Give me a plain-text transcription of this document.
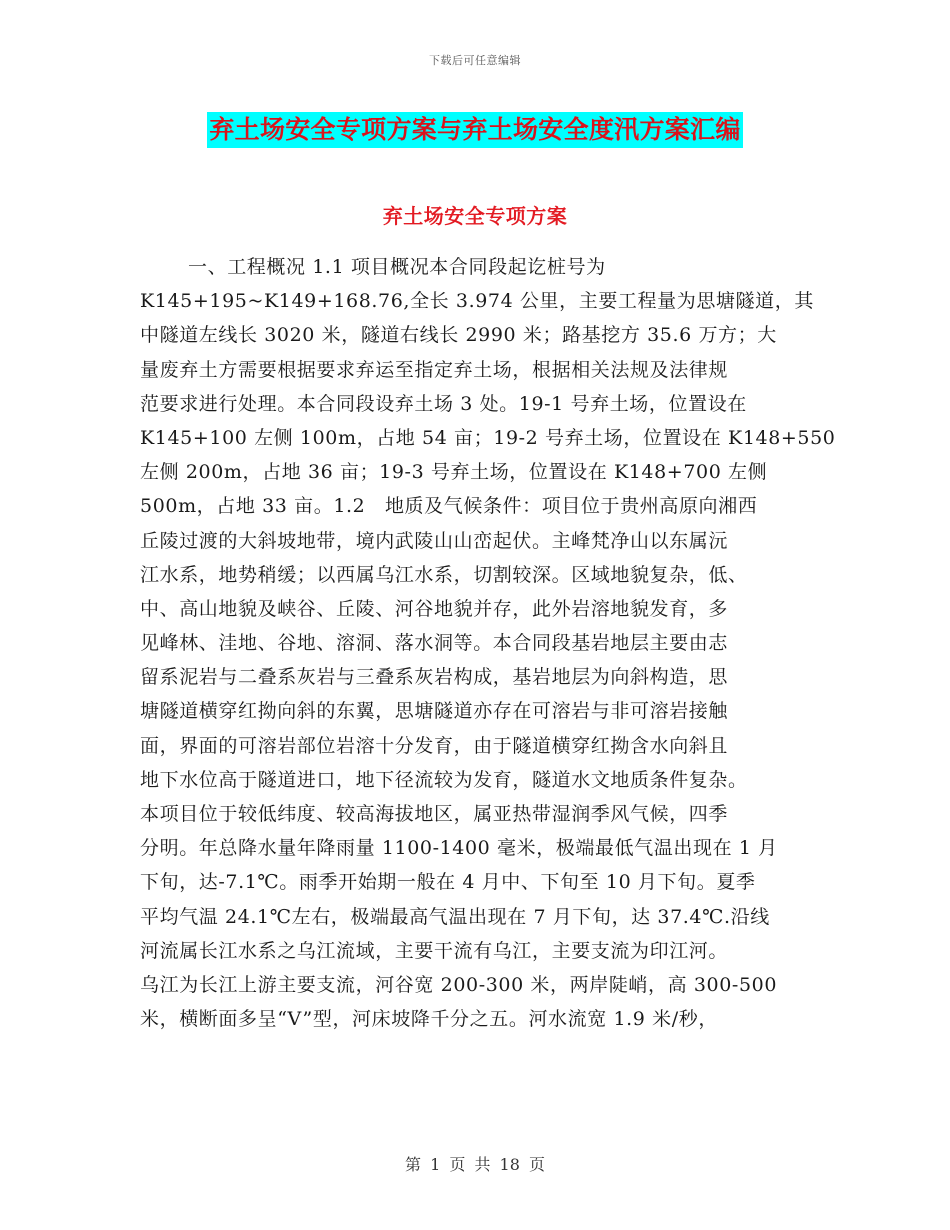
下载后可任意编辑
弃土场安全专项方案与弃土场安全度汛方案汇编
弃土场安全专项方案
一、工程概况 1.1 项目概况本合同段起讫桩号为
K145+195~K149+168.76,全长 3.974 公里，主要工程量为思塘隧道，其
中隧道左线长 3020 米，隧道右线长 2990 米；路基挖方 35.6 万方；大
量废弃土方需要根据要求弃运至指定弃土场，根据相关法规及法律规
范要求进行处理。本合同段设弃土场 3 处。19-1 号弃土场，位置设在
K145+100 左侧 100m，占地 54 亩；19-2 号弃土场，位置设在 K148+550
左侧 200m，占地 36 亩；19-3 号弃土场，位置设在 K148+700 左侧
500m，占地 33 亩。1.2　地质及气候条件：项目位于贵州高原向湘西
丘陵过渡的大斜坡地带，境内武陵山山峦起伏。主峰梵净山以东属沅
江水系，地势稍缓；以西属乌江水系，切割较深。区域地貌复杂，低、
中、高山地貌及峡谷、丘陵、河谷地貌并存，此外岩溶地貌发育，多
见峰林、洼地、谷地、溶洞、落水洞等。本合同段基岩地层主要由志
留系泥岩与二叠系灰岩与三叠系灰岩构成，基岩地层为向斜构造，思
塘隧道横穿红拗向斜的东翼，思塘隧道亦存在可溶岩与非可溶岩接触
面，界面的可溶岩部位岩溶十分发育，由于隧道横穿红拗含水向斜且
地下水位高于隧道进口，地下径流较为发育，隧道水文地质条件复杂。
本项目位于较低纬度、较高海拔地区，属亚热带湿润季风气候，四季
分明。年总降水量年降雨量 1100-1400 毫米，极端最低气温出现在 1 月
下旬，达-7.1℃。雨季开始期一般在 4 月中、下旬至 10 月下旬。夏季
平均气温 24.1℃左右，极端最高气温出现在 7 月下旬，达 37.4℃.沿线
河流属长江水系之乌江流域，主要干流有乌江，主要支流为印江河。
乌江为长江上游主要支流，河谷宽 200-300 米，两岸陡峭，高 300-500
米，横断面多呈“V”型，河床坡降千分之五。河水流宽 1.9 米/秒，
第 1 页 共 18 页
